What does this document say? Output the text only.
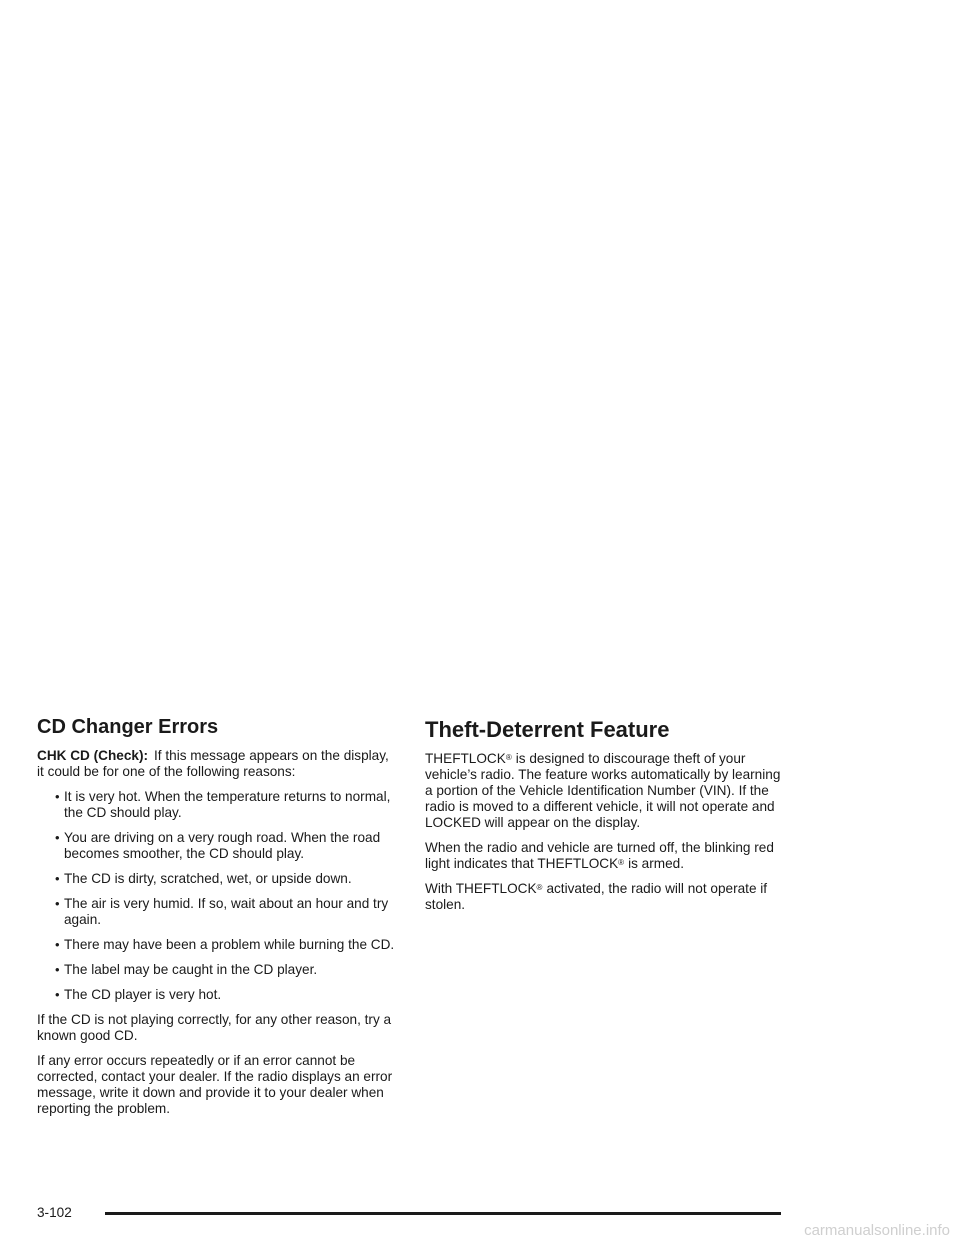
CD Changer Errors

CHK CD (Check): If this message appears on the display, it could be for one of the following reasons:

• It is very hot. When the temperature returns to normal, the CD should play.
• You are driving on a very rough road. When the road becomes smoother, the CD should play.
• The CD is dirty, scratched, wet, or upside down.
• The air is very humid. If so, wait about an hour and try again.
• There may have been a problem while burning the CD.
• The label may be caught in the CD player.
• The CD player is very hot.

If the CD is not playing correctly, for any other reason, try a known good CD.

If any error occurs repeatedly or if an error cannot be corrected, contact your dealer. If the radio displays an error message, write it down and provide it to your dealer when reporting the problem.

Theft-Deterrent Feature

THEFTLOCK® is designed to discourage theft of your vehicle’s radio. The feature works automatically by learning a portion of the Vehicle Identification Number (VIN). If the radio is moved to a different vehicle, it will not operate and LOCKED will appear on the display.

When the radio and vehicle are turned off, the blinking red light indicates that THEFTLOCK® is armed.

With THEFTLOCK® activated, the radio will not operate if stolen.

3-102
carmanualsonline.info
